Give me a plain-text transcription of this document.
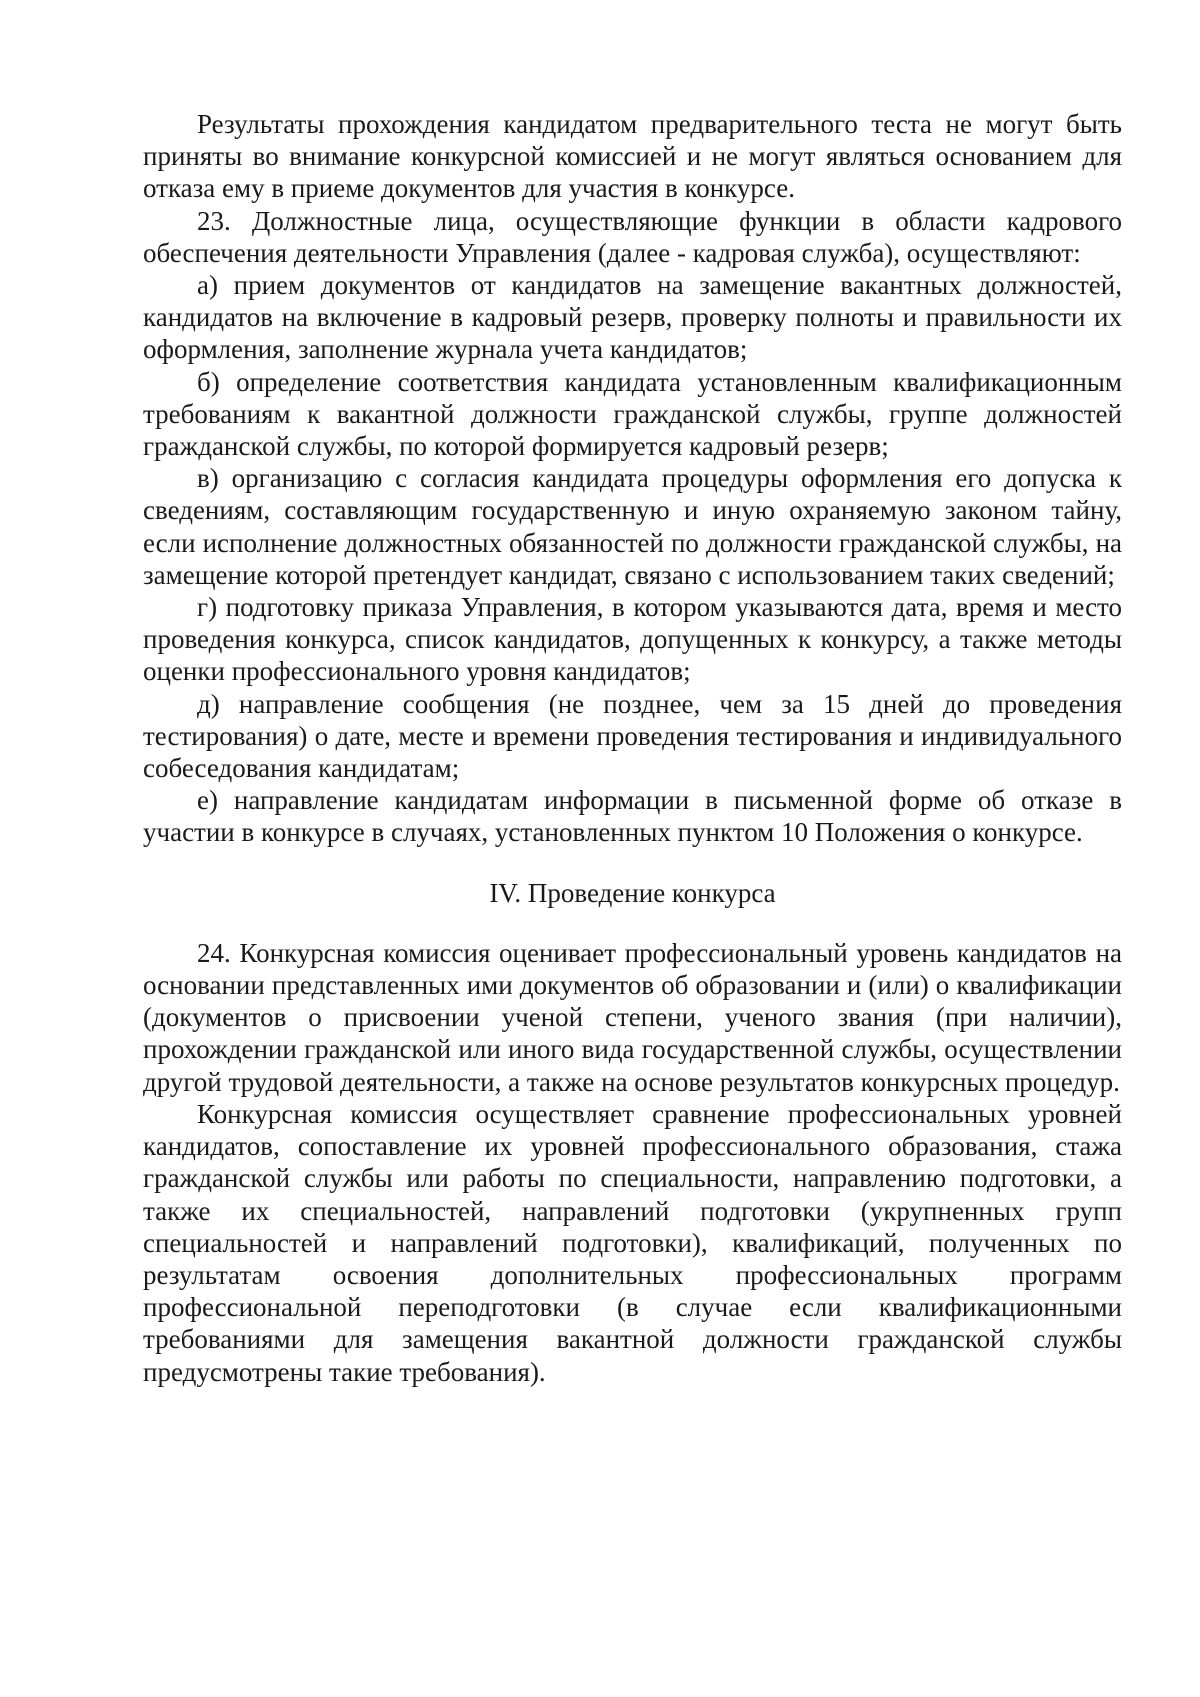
Результаты прохождения кандидатом предварительного теста не могут быть приняты во внимание конкурсной комиссией и не могут являться основанием для отказа ему в приеме документов для участия в конкурсе.

23. Должностные лица, осуществляющие функции в области кадрового обеспечения деятельности Управления (далее - кадровая служба), осуществляют:

а) прием документов от кандидатов на замещение вакантных должностей, кандидатов на включение в кадровый резерв, проверку полноты и правильности их оформления, заполнение журнала учета кандидатов;

б) определение соответствия кандидата установленным квалификационным требованиям к вакантной должности гражданской службы, группе должностей гражданской службы, по которой формируется кадровый резерв;

в) организацию с согласия кандидата процедуры оформления его допуска к сведениям, составляющим государственную и иную охраняемую законом тайну, если исполнение должностных обязанностей по должности гражданской службы, на замещение которой претендует кандидат, связано с использованием таких сведений;

г) подготовку приказа Управления, в котором указываются дата, время и место проведения конкурса, список кандидатов, допущенных к конкурсу, а также методы оценки профессионального уровня кандидатов;

д) направление сообщения (не позднее, чем за 15 дней до проведения тестирования) о дате, месте и времени проведения тестирования и индивидуального собеседования кандидатам;

е) направление кандидатам информации в письменной форме об отказе в участии в конкурсе в случаях, установленных пунктом 10 Положения о конкурсе.

IV. Проведение конкурса

24. Конкурсная комиссия оценивает профессиональный уровень кандидатов на основании представленных ими документов об образовании и (или) о квалификации (документов о присвоении ученой степени, ученого звания (при наличии), прохождении гражданской или иного вида государственной службы, осуществлении другой трудовой деятельности, а также на основе результатов конкурсных процедур.

Конкурсная комиссия осуществляет сравнение профессиональных уровней кандидатов, сопоставление их уровней профессионального образования, стажа гражданской службы или работы по специальности, направлению подготовки, а также их специальностей, направлений подготовки (укрупненных групп специальностей и направлений подготовки), квалификаций, полученных по результатам освоения дополнительных профессиональных программ профессиональной переподготовки (в случае если квалификационными требованиями для замещения вакантной должности гражданской службы предусмотрены такие требования).
